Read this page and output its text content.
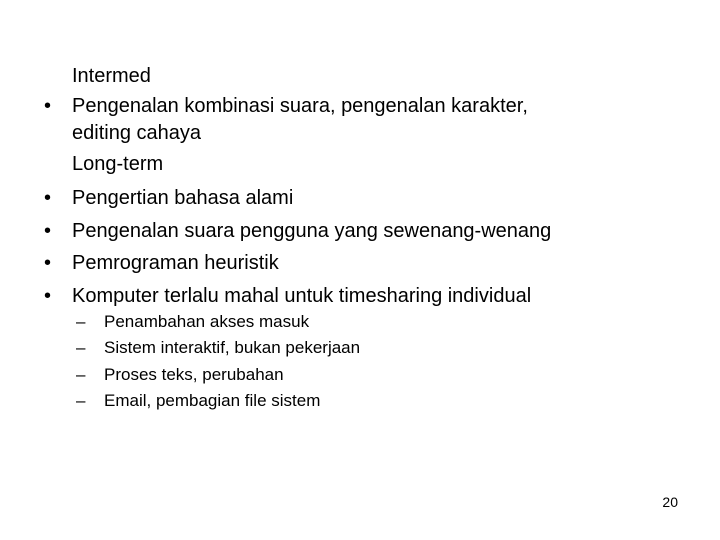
Intermed
• Pengenalan kombinasi suara, pengenalan karakter,
editing cahaya
Long-term
• Pengertian bahasa alami
• Pengenalan suara pengguna yang sewenang-wenang
• Pemrograman heuristik
• Komputer terlalu mahal untuk timesharing individual
– Penambahan akses masuk
– Sistem interaktif, bukan pekerjaan
– Proses teks, perubahan
– Email, pembagian file sistem
20
